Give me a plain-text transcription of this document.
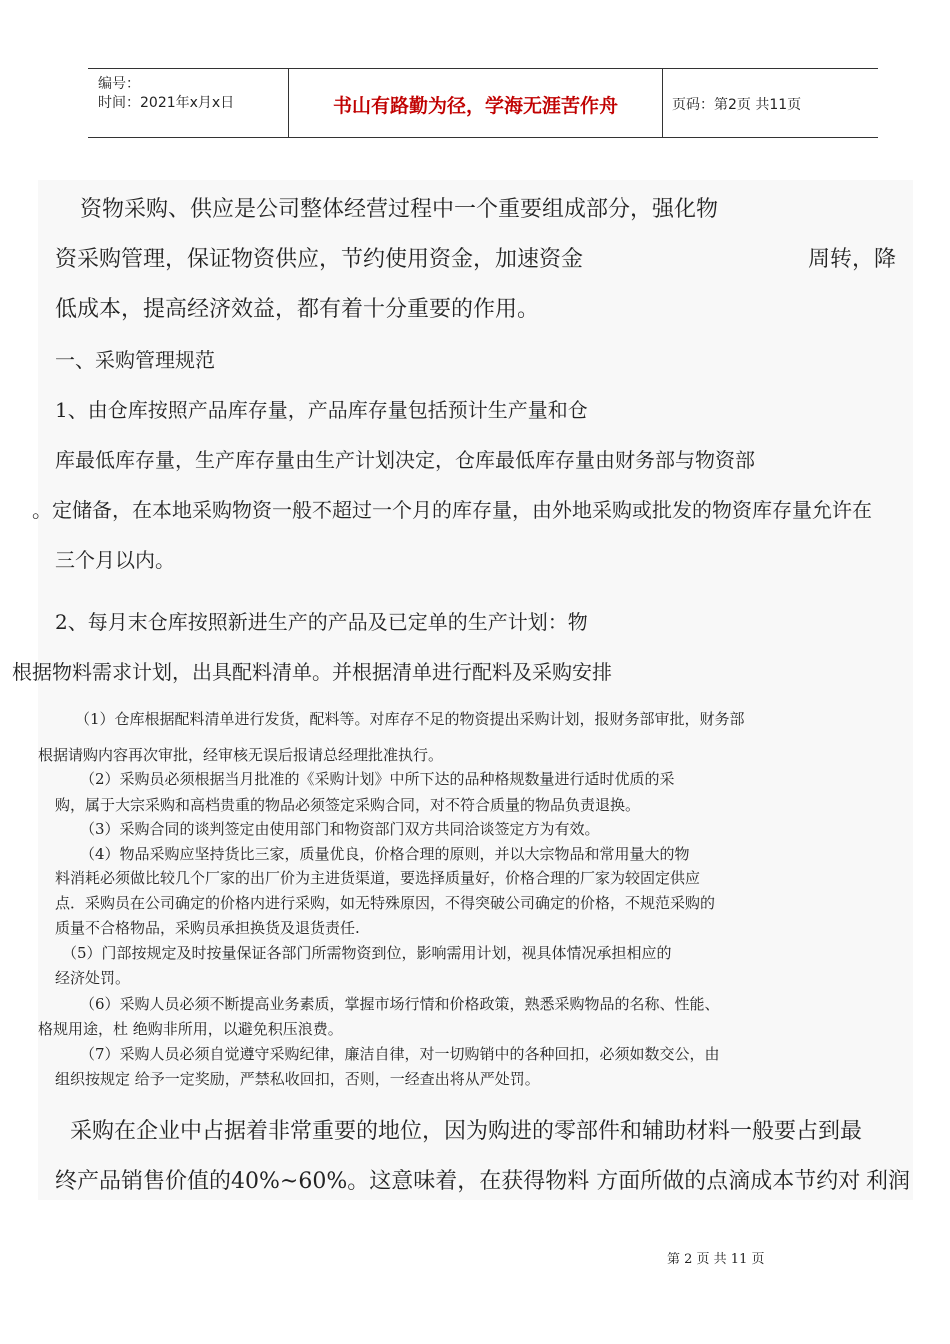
编号：
时间：2021年x月x日	书山有路勤为径，学海无涯苦作舟	页码：第2页 共11页
资物采购、供应是公司整体经营过程中一个重要组成部分，强化物
资采购管理，保证物资供应，节约使用资金，加速资金	周转，降
低成本，提高经济效益，都有着十分重要的作用。
一、采购管理规范
1、由仓库按照产品库存量，产品库存量包括预计生产量和仓
库最低库存量，生产库存量由生产计划决定，仓库最低库存量由财务部与物资部
。定储备，在本地采购物资一般不超过一个月的库存量，由外地采购或批发的物资库存量允许在
三个月以内。
2、每月末仓库按照新进生产的产品及已定单的生产计划：物
根据物料需求计划，出具配料清单。并根据清单进行配料及采购安排
（1）仓库根据配料清单进行发货，配料等。对库存不足的物资提出采购计划，报财务部审批，财务部
根据请购内容再次审批，经审核无误后报请总经理批准执行。
（2）采购员必须根据当月批准的《采购计划》中所下达的品种格规数量进行适时优质的采
购，属于大宗采购和高档贵重的物品必须签定采购合同，对不符合质量的物品负责退换。
（3）采购合同的谈判签定由使用部门和物资部门双方共同洽谈签定方为有效。
（4）物品采购应坚持货比三家，质量优良，价格合理的原则，并以大宗物品和常用量大的物
料消耗必须做比较几个厂家的出厂价为主进货渠道，要选择质量好，价格合理的厂家为较固定供应
点．采购员在公司确定的价格内进行采购，如无特殊原因，不得突破公司确定的价格，不规范采购的
质量不合格物品，采购员承担换货及退货责任.
（5）门部按规定及时按量保证各部门所需物资到位，影响需用计划，视具体情况承担相应的
经济处罚。
（6）采购人员必须不断提高业务素质，掌握市场行情和价格政策，熟悉采购物品的名称、性能、
格规用途，杜 绝购非所用，以避免积压浪费。
（7）采购人员必须自觉遵守采购纪律，廉洁自律，对一切购销中的各种回扣，必须如数交公，由
组织按规定 给予一定奖励，严禁私收回扣，否则，一经查出将从严处罚。
采购在企业中占据着非常重要的地位，因为购进的零部件和辅助材料一般要占到最
终产品销售价值的40%~60%。这意味着，在获得物料 方面所做的点滴成本节约对 利润
第 2 页 共 11 页
